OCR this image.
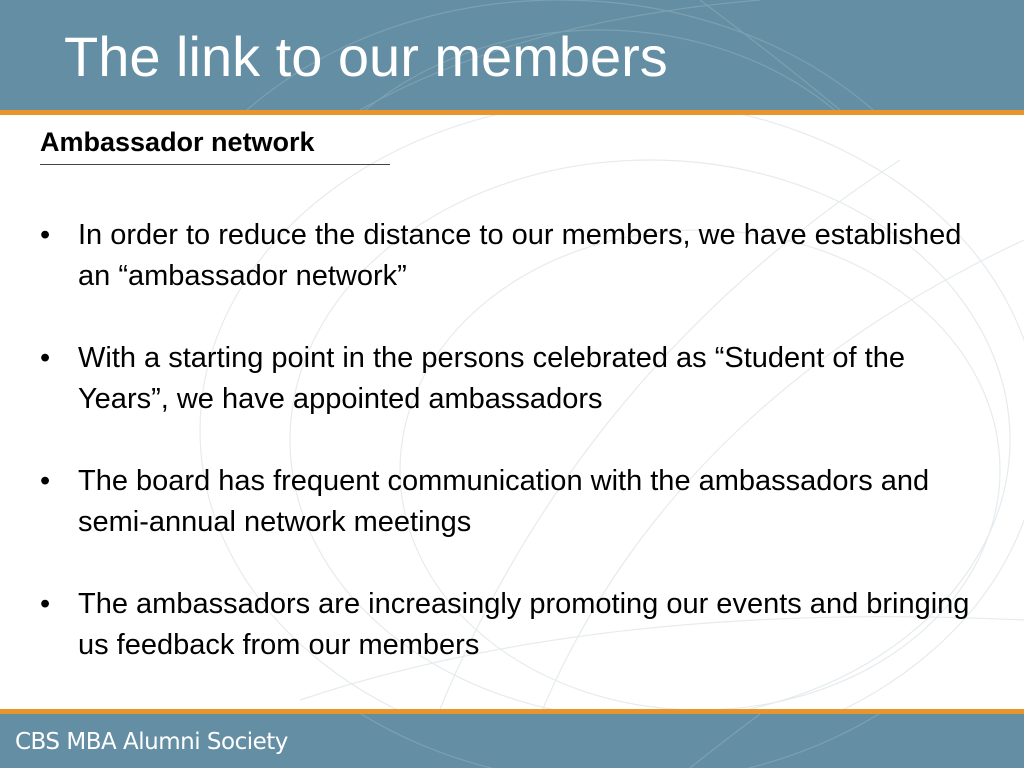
The link to our members
Ambassador network
• In order to reduce the distance to our members, we have established an “ambassador network”
• With a starting point in the persons celebrated as “Student of the Years”, we have appointed ambassadors
• The board has frequent communication with the ambassadors and semi-annual network meetings
• The ambassadors are increasingly promoting our events and bringing us feedback from our members

CBS MBA Alumni Society
